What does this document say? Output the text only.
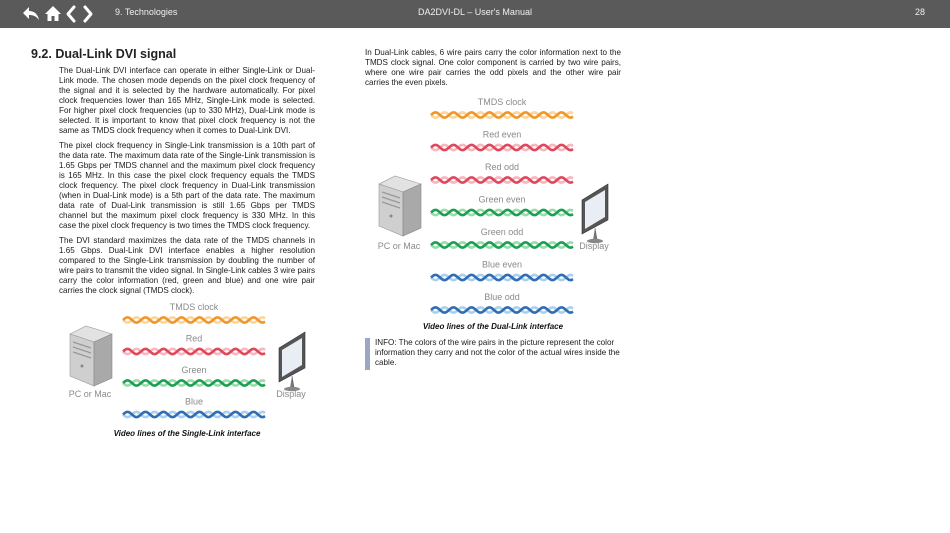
9. Technologies	DA2DVI-DL – User's Manual	28
9.2. Dual-Link DVI signal

The Dual-Link DVI interface can operate in either Single-Link or Dual-Link mode. The chosen mode depends on the pixel clock frequency of the signal and it is selected by the hardware automatically. For pixel clock frequencies lower than 165 MHz, Single-Link mode is selected. For higher pixel clock frequencies (up to 330 MHz), Dual-Link mode is selected. It is important to know that pixel clock frequency is not the same as TMDS clock frequency when it comes to Dual-Link DVI.

The pixel clock frequency in Single-Link transmission is a 10th part of the data rate. The maximum data rate of the Single-Link transmission is 1.65 Gbps per TMDS channel and the maximum pixel clock frequency is 165 MHz. In this case the pixel clock frequency equals the TMDS clock frequency. The pixel clock frequency in Dual-Link transmission (when in Dual-Link mode) is a 5th part of the data rate. The maximum data rate of Dual-Link transmission is still 1.65 Gbps per TMDS channel but the maximum pixel clock frequency is 330 MHz. In this case the pixel clock frequency is two times the TMDS clock frequency.

The DVI standard maximizes the data rate of the TMDS channels in 1.65 Gbps. Dual-Link DVI interface enables a higher resolution compared to the Single-Link transmission by doubling the number of wire pairs to transmit the video signal. In Single-Link cables 3 wire pairs carry the color information (red, green and blue) and one wire pair carries the clock signal (TMDS clock).

In Dual-Link cables, 6 wire pairs carry the color information next to the TMDS clock signal. One color component is carried by two wire pairs, where one wire pair carries the odd pixels and the other wire pair carries the even pixels.

PC or Mac	Display
TMDS clock
Red
Green
Blue
Video lines of the Single-Link interface
PC or Mac	Display
TMDS clock
Red even
Red odd
Green even
Green odd
Blue even
Blue odd
Video lines of the Dual-Link interface
INFO: The colors of the wire pairs in the picture represent the color information they carry and not the color of the actual wires inside the cable.
